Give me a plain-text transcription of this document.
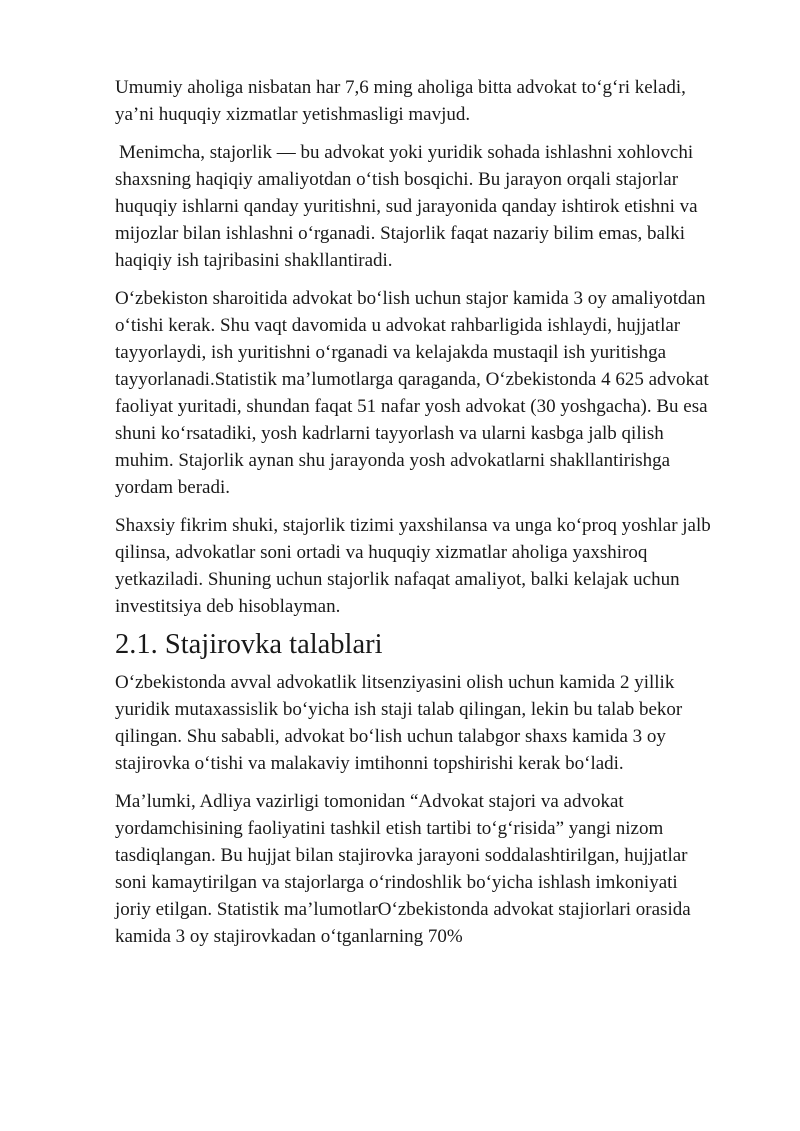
Umumiy aholiga nisbatan har 7,6 ming aholiga bitta advokat to‘g‘ri keladi, ya’ni huquqiy xizmatlar yetishmasligi mavjud.

Menimcha, stajorlik — bu advokat yoki yuridik sohada ishlashni xohlovchi shaxsning haqiqiy amaliyotdan o‘tish bosqichi. Bu jarayon orqali stajorlar huquqiy ishlarni qanday yuritishni, sud jarayonida qanday ishtirok etishni va mijozlar bilan ishlashni o‘rganadi. Stajorlik faqat nazariy bilim emas, balki haqiqiy ish tajribasini shakllantiradi.

O‘zbekiston sharoitida advokat bo‘lish uchun stajor kamida 3 oy amaliyotdan o‘tishi kerak. Shu vaqt davomida u advokat rahbarligida ishlaydi, hujjatlar tayyorlaydi, ish yuritishni o‘rganadi va kelajakda mustaqil ish yuritishga tayyorlanadi.Statistik ma’lumotlarga qaraganda, O‘zbekistonda 4 625 advokat faoliyat yuritadi, shundan faqat 51 nafar yosh advokat (30 yoshgacha). Bu esa shuni ko‘rsatadiki, yosh kadrlarni tayyorlash va ularni kasbga jalb qilish muhim. Stajorlik aynan shu jarayonda yosh advokatlarni shakllantirishga yordam beradi.

Shaxsiy fikrim shuki, stajorlik tizimi yaxshilansa va unga ko‘proq yoshlar jalb qilinsa, advokatlar soni ortadi va huquqiy xizmatlar aholiga yaxshiroq yetkaziladi. Shuning uchun stajorlik nafaqat amaliyot, balki kelajak uchun investitsiya deb hisoblayman.

2.1. Stajirovka talablari

O‘zbekistonda avval advokatlik litsenziyasini olish uchun kamida 2 yillik yuridik mutaxassislik bo‘yicha ish staji talab qilingan, lekin bu talab bekor qilingan. Shu sababli, advokat bo‘lish uchun talabgor shaxs kamida 3 oy stajirovka o‘tishi va malakaviy imtihonni topshirishi kerak bo‘ladi.

Ma’lumki, Adliya vazirligi tomonidan “Advokat stajori va advokat yordamchisining faoliyatini tashkil etish tartibi to‘g‘risida” yangi nizom tasdiqlangan. Bu hujjat bilan stajirovka jarayoni soddalashtirilgan, hujjatlar soni kamaytirilgan va stajorlarga o‘rindoshlik bo‘yicha ishlash imkoniyati joriy etilgan. Statistik ma’lumotlarO‘zbekistonda advokat stajiorlari orasida kamida 3 oy stajirovkadan o‘tganlarning 70%
